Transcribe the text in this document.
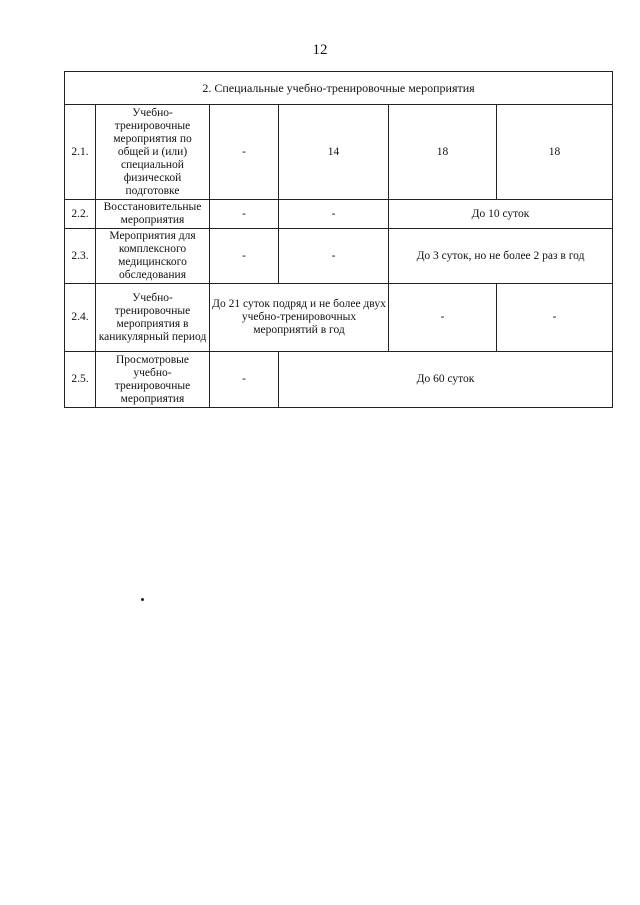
12
2. Специальные учебно-тренировочные мероприятия					
2.1.	Учебно-тренировочные мероприятия по общей и (или) специальной физической подготовке	-	14	18	18
2.2.	Восстановительные мероприятия	-	-	До 10 суток	
2.3.	Мероприятия для комплексного медицинского обследования	-	-	До 3 суток, но не более 2 раз в год	
2.4.	Учебно-тренировочные мероприятия в каникулярный период	До 21 суток подряд и не более двух учебно-тренировочных мероприятий в год		-	-
2.5.	Просмотровые учебно-тренировочные мероприятия	-	До 60 суток		
